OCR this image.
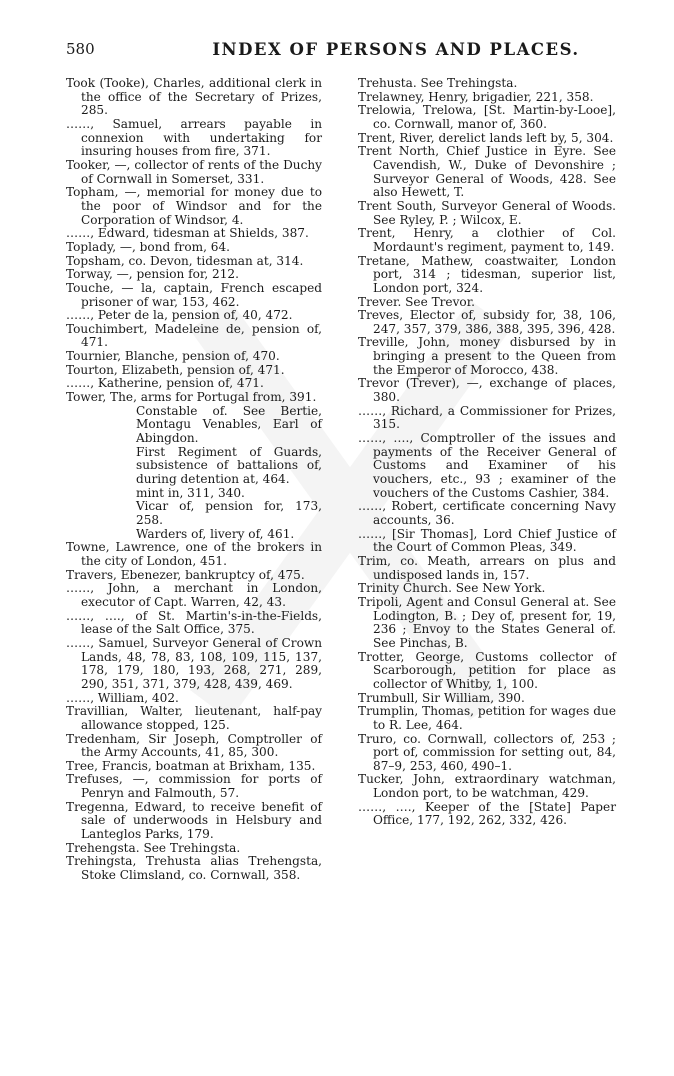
580	INDEX OF PERSONS AND PLACES.

Took (Tooke), Charles, additional clerk in the office of the Secretary of Prizes, 285.

……, Samuel, arrears payable in connexion with undertaking for insuring houses from fire, 371.

Tooker, —, collector of rents of the Duchy of Cornwall in Somerset, 331.

Topham, —, memorial for money due to the poor of Windsor and for the Corporation of Windsor, 4.

……, Edward, tidesman at Shields, 387.

Toplady, —, bond from, 64.

Topsham, co. Devon, tidesman at, 314.

Torway, —, pension for, 212.

Touche, — la, captain, French escaped prisoner of war, 153, 462.

……, Peter de la, pension of, 40, 472.

Touchimbert, Madeleine de, pension of, 471.

Tournier, Blanche, pension of, 470.

Tourton, Elizabeth, pension of, 471.

……, Katherine, pension of, 471.

Tower, The, arms for Portugal from, 391.

Constable of. See Bertie, Montagu Venables, Earl of Abingdon.

First Regiment of Guards, subsistence of battalions of, during detention at, 464.

mint in, 311, 340.

Vicar of, pension for, 173, 258.

Warders of, livery of, 461.

Towne, Lawrence, one of the brokers in the city of London, 451.

Travers, Ebenezer, bankruptcy of, 475.

……, John, a merchant in London, executor of Capt. Warren, 42, 43.

……, …., of St. Martin's-in-the-Fields, lease of the Salt Office, 375.

……, Samuel, Surveyor General of Crown Lands, 48, 78, 83, 108, 109, 115, 137, 178, 179, 180, 193, 268, 271, 289, 290, 351, 371, 379, 428, 439, 469.

……, William, 402.

Travillian, Walter, lieutenant, half-pay allowance stopped, 125.

Tredenham, Sir Joseph, Comptroller of the Army Accounts, 41, 85, 300.

Tree, Francis, boatman at Brixham, 135.

Trefuses, —, commission for ports of Penryn and Falmouth, 57.

Tregenna, Edward, to receive benefit of sale of underwoods in Helsbury and Lanteglos Parks, 179.

Trehengsta. See Trehingsta.

Trehingsta, Trehusta alias Trehengsta, Stoke Climsland, co. Cornwall, 358.

Trehusta. See Trehingsta.

Trelawney, Henry, brigadier, 221, 358.

Trelowia, Trelowa, [St. Martin-by-Looe], co. Cornwall, manor of, 360.

Trent, River, derelict lands left by, 5, 304.

Trent North, Chief Justice in Eyre. See Cavendish, W., Duke of Devonshire ; Surveyor General of Woods, 428. See also Hewett, T.

Trent South, Surveyor General of Woods. See Ryley, P. ; Wilcox, E.

Trent, Henry, a clothier of Col. Mordaunt's regiment, payment to, 149.

Tretane, Mathew, coastwaiter, London port, 314 ; tidesman, superior list, London port, 324.

Trever. See Trevor.

Treves, Elector of, subsidy for, 38, 106, 247, 357, 379, 386, 388, 395, 396, 428.

Treville, John, money disbursed by in bringing a present to the Queen from the Emperor of Morocco, 438.

Trevor (Trever), —, exchange of places, 380.

……, Richard, a Commissioner for Prizes, 315.

……, …., Comptroller of the issues and payments of the Receiver General of Customs and Examiner of his vouchers, etc., 93 ; examiner of the vouchers of the Customs Cashier, 384.

……, Robert, certificate concerning Navy accounts, 36.

……, [Sir Thomas], Lord Chief Justice of the Court of Common Pleas, 349.

Trim, co. Meath, arrears on plus and undisposed lands in, 157.

Trinity Church. See New York.

Tripoli, Agent and Consul General at. See Lodington, B. ; Dey of, present for, 19, 236 ; Envoy to the States General of. See Pinchas, B.

Trotter, George, Customs collector of Scarborough, petition for place as collector of Whitby, 1, 100.

Trumbull, Sir William, 390.

Trumplin, Thomas, petition for wages due to R. Lee, 464.

Truro, co. Cornwall, collectors of, 253 ; port of, commission for setting out, 84, 87–9, 253, 460, 490–1.

Tucker, John, extraordinary watchman, London port, to be watchman, 429.

……, …., Keeper of the [State] Paper Office, 177, 192, 262, 332, 426.
